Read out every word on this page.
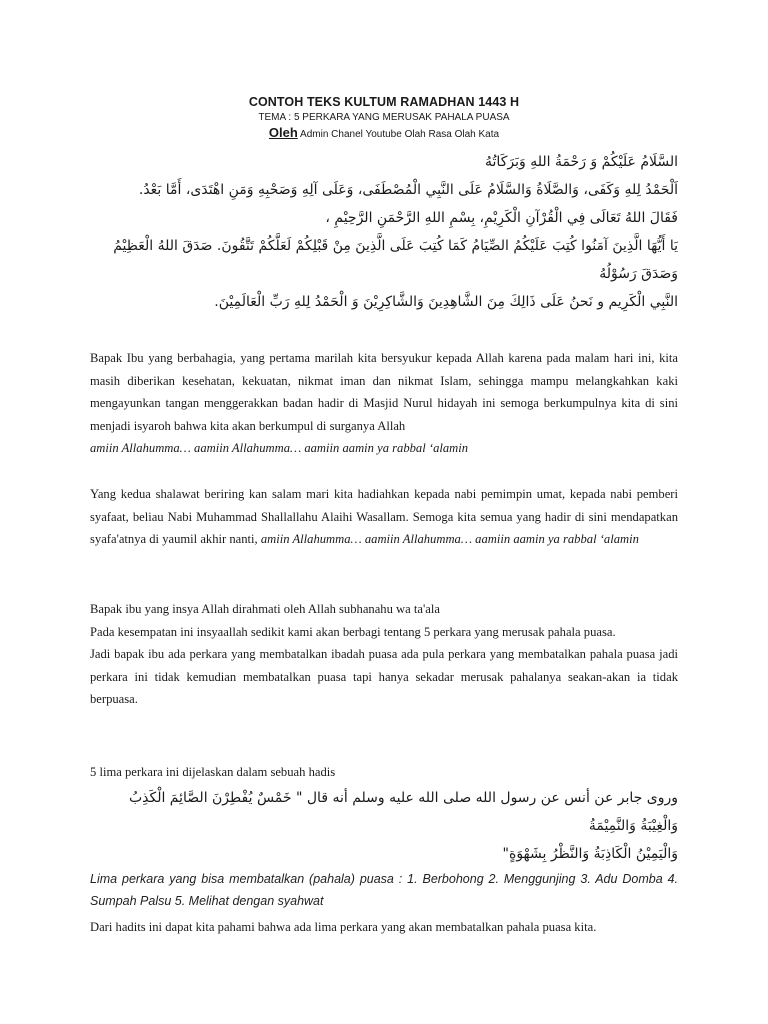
CONTOH TEKS KULTUM RAMADHAN 1443 H
TEMA : 5 PERKARA YANG MERUSAK PAHALA PUASA
Oleh Admin Chanel Youtube Olah Rasa Olah Kata

السَّلَامُ عَلَيْكُمْ وَ رَحْمَةُ اللهِ وَبَرَكَاتُهُ

اَلْحَمْدُ لِلهِ وَكَفَى، وَالصَّلَاةُ وَالسَّلَامُ عَلَى النَّبِي الْمُصْطَفَى، وَعَلَى آلِهِ وَصَحْبِهِ وَمَنِ اهْتَدَى، أَمَّا بَعْدُ.

فَقَالَ اللهُ تَعَالَى فِي الْقُرْآنِ الْكَرِيْمِ، بِسْمِ اللهِ الرَّحْمَنِ الرَّحِيْمِ ،

يَا أَيُّهَا الَّذِينَ آمَنُوا كُتِبَ عَلَيْكُمُ الصِّيَامُ كَمَا كُتِبَ عَلَى الَّذِينَ مِنْ قَبْلِكُمْ لَعَلَّكُمْ تَتَّقُونَ. صَدَقَ اللهُ الْعَظِيْمُ وَصَدَقَ رَسُوْلُهُ

النَّبِي الْكَرِيم و نَحنُ عَلَى ذَالِكَ مِنَ الشَّاهِدِينَ وَالشَّاكِرِيْنَ وَ الْحَمْدُ لِلهِ رَبِّ الْعَالَمِيْنَ.

Bapak Ibu yang berbahagia, yang pertama marilah kita bersyukur kepada Allah karena pada malam hari ini, kita masih diberikan kesehatan, kekuatan, nikmat iman dan nikmat Islam, sehingga mampu melangkahkan kaki mengayunkan tangan menggerakkan badan hadir di Masjid Nurul hidayah ini semoga berkumpulnya kita di sini menjadi isyaroh bahwa kita akan berkumpul di surganya Allah

amiin Allahumma… aamiin Allahumma… aamiin aamin ya rabbal ‘alamin

Yang kedua shalawat beriring kan salam mari kita hadiahkan kepada nabi pemimpin umat, kepada nabi pemberi syafaat, beliau Nabi Muhammad Shallallahu Alaihi Wasallam. Semoga kita semua yang hadir di sini mendapatkan syafa'atnya di yaumil akhir nanti, amiin Allahumma… aamiin Allahumma… aamiin aamin ya rabbal ‘alamin

Bapak ibu yang insya Allah dirahmati oleh Allah subhanahu wa ta'ala

Pada kesempatan ini insyaallah sedikit kami akan berbagi tentang 5 perkara yang merusak pahala puasa.

Jadi bapak ibu ada perkara yang membatalkan ibadah puasa ada pula perkara yang membatalkan pahala puasa jadi perkara ini tidak kemudian membatalkan puasa tapi hanya sekadar merusak pahalanya seakan-akan ia tidak berpuasa.

5 lima perkara ini dijelaskan dalam sebuah hadis

وروى جابر عن أنس عن رسول الله صلى الله عليه وسلم أنه قال " خَمْسٌ يُفْطِرْنَ الصَّائِمَ الْكَذِبُ وَالْغِيْبَةُ وَالنَّمِيْمَةُ

وَالْيَمِيْنُ الْكَاذِبَةُ وَالنَّظْرُ بِشَهْوَةٍ"

Lima perkara yang bisa membatalkan (pahala) puasa : 1. Berbohong 2. Menggunjing 3. Adu Domba 4. Sumpah Palsu 5. Melihat dengan syahwat

Dari hadits ini dapat kita pahami bahwa ada lima perkara yang akan membatalkan pahala puasa kita.
